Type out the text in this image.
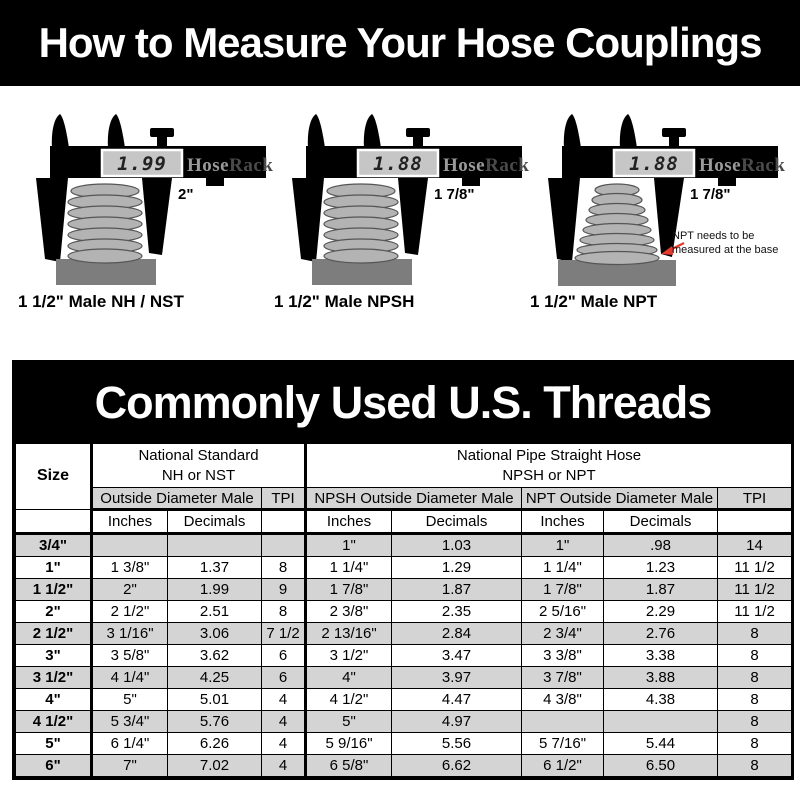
How to Measure Your Hose Couplings
1.99 HoseRack
2"
1 1/2" Male NH / NST
1.88 HoseRack
1 7/8"
1 1/2" Male NPSH
1.88 HoseRack
1 7/8"
NPT needs to be
measured at the base
1 1/2" Male NPT
Commonly Used U.S. Threads
Size	National Standard
NH or NST			National Pipe Straight Hose
NPSH or NPT				
	Outside Diameter Male		TPI	NPSH Outside Diameter Male		NPT Outside Diameter Male		TPI
	Inches	Decimals		Inches	Decimals	Inches	Decimals	
3/4"				1"	1.03	1"	.98	14
1"	1 3/8"	1.37	8	1 1/4"	1.29	1 1/4"	1.23	11 1/2
1 1/2"	2"	1.99	9	1 7/8"	1.87	1 7/8"	1.87	11 1/2
2"	2 1/2"	2.51	8	2 3/8"	2.35	2 5/16"	2.29	11 1/2
2 1/2"	3 1/16"	3.06	7 1/2	2 13/16"	2.84	2 3/4"	2.76	8
3"	3 5/8"	3.62	6	3 1/2"	3.47	3 3/8"	3.38	8
3 1/2"	4 1/4"	4.25	6	4"	3.97	3 7/8"	3.88	8
4"	5"	5.01	4	4 1/2"	4.47	4 3/8"	4.38	8
4 1/2"	5 3/4"	5.76	4	5"	4.97			8
5"	6 1/4"	6.26	4	5 9/16"	5.56	5 7/16"	5.44	8
6"	7"	7.02	4	6 5/8"	6.62	6 1/2"	6.50	8
